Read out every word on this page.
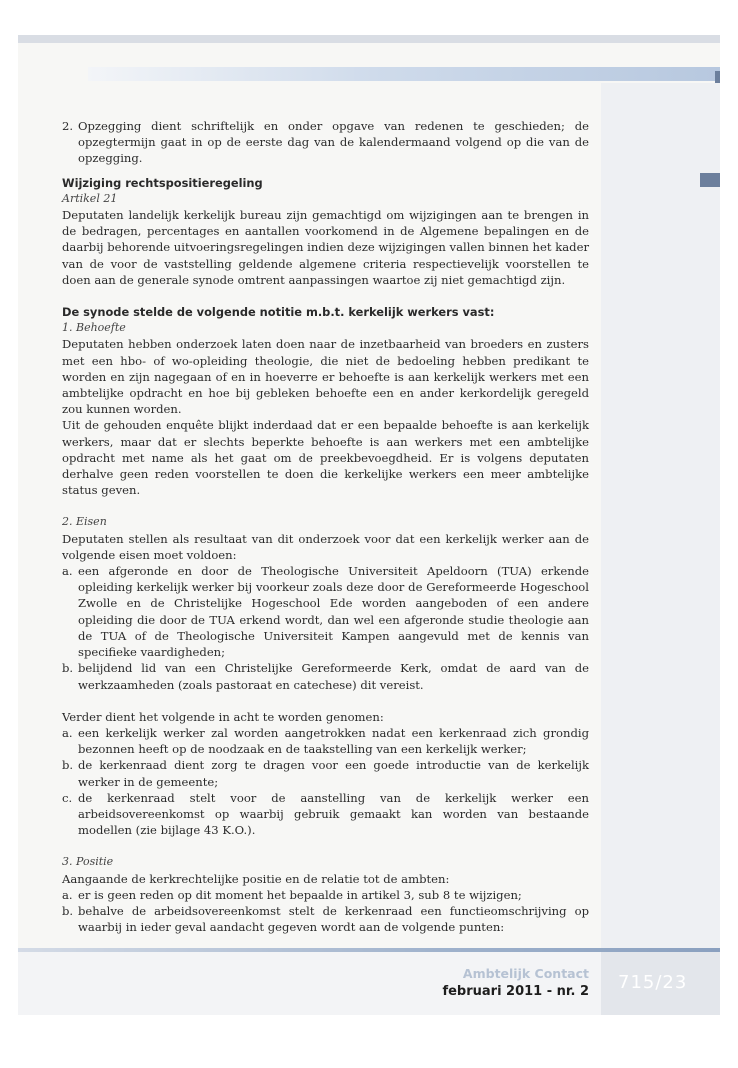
715/23
Ambtelijk Contact
februari 2011 - nr. 2
2. Opzegging dient schriftelijk en onder opgave van redenen te geschieden; de opzegtermijn gaat in op de eerste dag van de kalendermaand volgend op die van de opzegging.

Wijziging rechtspositieregeling

Artikel 21

Deputaten landelijk kerkelijk bureau zijn gemachtigd om wijzigingen aan te brengen in de bedragen, percentages en aantallen voorkomend in de Algemene bepalingen en de daarbij behorende uitvoeringsregelingen indien deze wijzigingen vallen binnen het kader van de voor de vaststelling geldende algemene criteria respectievelijk voorstellen te doen aan de generale synode omtrent aanpassingen waartoe zij niet gemachtigd zijn.

De synode stelde de volgende notitie m.b.t. kerkelijk werkers vast:

1. Behoefte

Deputaten hebben onderzoek laten doen naar de inzetbaarheid van broeders en zusters met een hbo- of wo-opleiding theologie, die niet de bedoeling hebben predikant te worden en zijn nagegaan of en in hoeverre er behoefte is aan kerkelijk werkers met een ambtelijke opdracht en hoe bij gebleken behoefte een en ander kerkordelijk geregeld zou kunnen worden.

Uit de gehouden enquête blijkt inderdaad dat er een bepaalde behoefte is aan kerkelijk werkers, maar dat er slechts beperkte behoefte is aan werkers met een ambtelijke opdracht met name als het gaat om de preekbevoegdheid. Er is volgens deputaten derhalve geen reden voorstellen te doen die kerkelijke werkers een meer ambtelijke status geven.

2. Eisen

Deputaten stellen als resultaat van dit onderzoek voor dat een kerkelijk werker aan de volgende eisen moet voldoen:

a. een afgeronde en door de Theologische Universiteit Apeldoorn (TUA) erkende opleiding kerkelijk werker bij voorkeur zoals deze door de Gereformeerde Hogeschool Zwolle en de Christelijke Hogeschool Ede worden aangeboden of een andere opleiding die door de TUA erkend wordt, dan wel een afgeronde studie theologie aan de TUA of de Theologische Universiteit Kampen aangevuld met de kennis van specifieke vaardigheden;
b. belijdend lid van een Christelijke Gereformeerde Kerk, omdat de aard van de werkzaamheden (zoals pastoraat en catechese) dit vereist.

Verder dient het volgende in acht te worden genomen:

a. een kerkelijk werker zal worden aangetrokken nadat een kerkenraad zich grondig bezonnen heeft op de noodzaak en de taakstelling van een kerkelijk werker;
b. de kerkenraad dient zorg te dragen voor een goede introductie van de kerkelijk werker in de gemeente;
c. de kerkenraad stelt voor de aanstelling van de kerkelijk werker een arbeidsovereenkomst op waarbij gebruik gemaakt kan worden van bestaande modellen (zie bijlage 43 K.O.).

3. Positie

Aangaande de kerkrechtelijke positie en de relatie tot de ambten:

a. er is geen reden op dit moment het bepaalde in artikel 3, sub 8 te wijzigen;
b. behalve de arbeidsovereenkomst stelt de kerkenraad een functieomschrijving op waarbij in ieder geval aandacht gegeven wordt aan de volgende punten:
